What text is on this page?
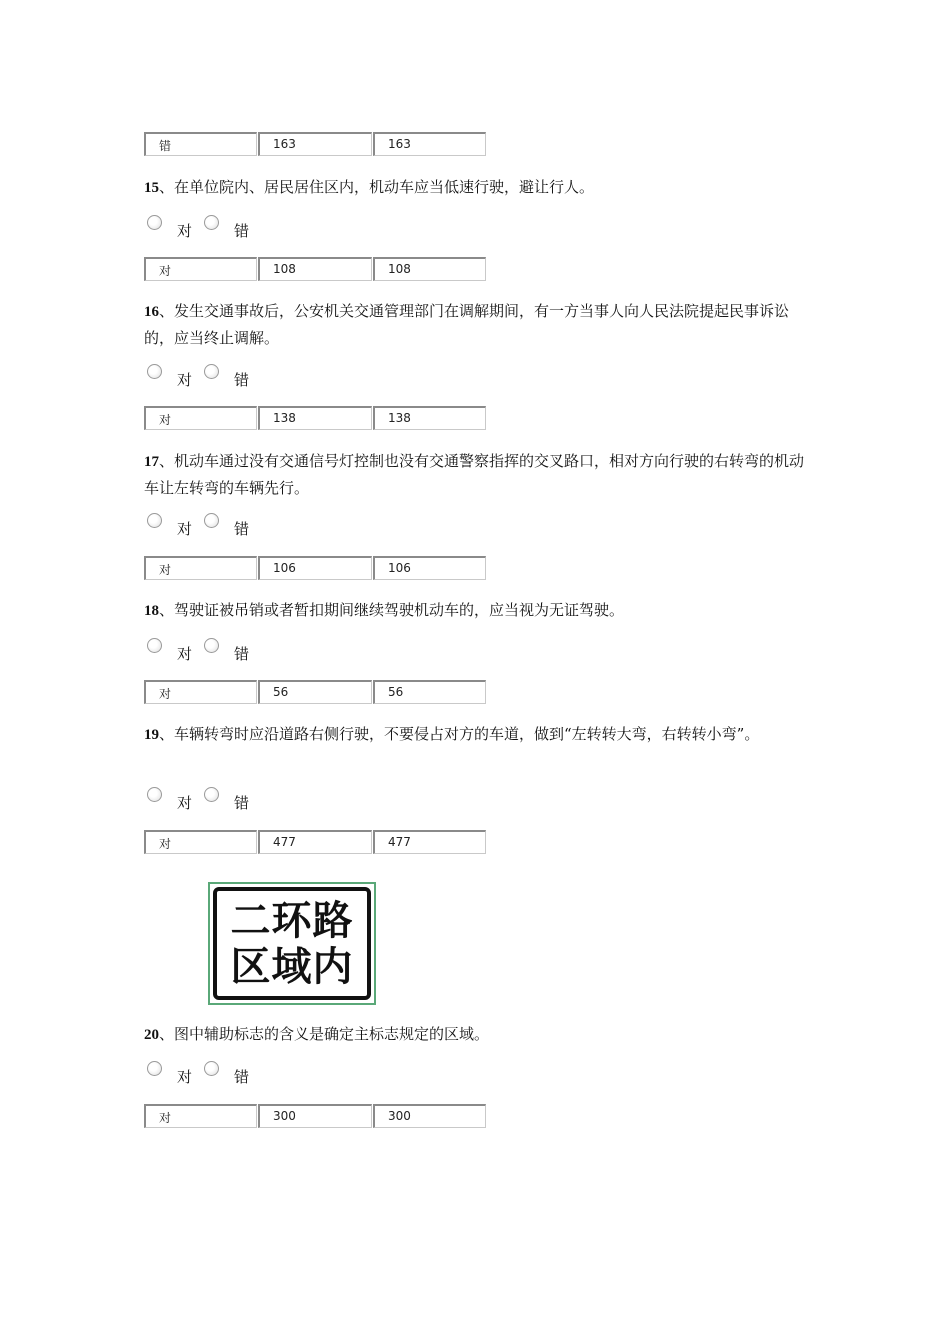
错	163	163
15、在单位院内、居民居住区内，机动车应当低速行驶，避让行人。
对	错
对	108	108
16、发生交通事故后，公安机关交通管理部门在调解期间，有一方当事人向人民法院提起民事诉讼的，应当终止调解。
对	错
对	138	138
17、机动车通过没有交通信号灯控制也没有交通警察指挥的交叉路口，相对方向行驶的右转弯的机动车让左转弯的车辆先行。
对	错
对	106	106
18、驾驶证被吊销或者暂扣期间继续驾驶机动车的，应当视为无证驾驶。
对	错
对	56	56
19、车辆转弯时应沿道路右侧行驶，不要侵占对方的车道，做到“左转转大弯，右转转小弯”。
对	错
对	477	477
二环路
区域内
20、图中辅助标志的含义是确定主标志规定的区域。
对	错
对	300	300
